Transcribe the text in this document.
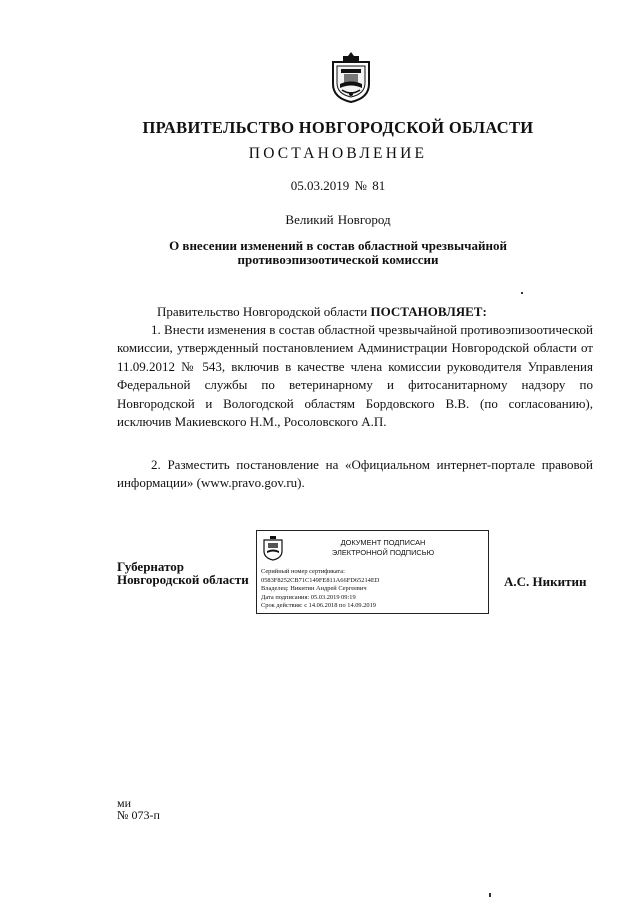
ПРАВИТЕЛЬСТВО НОВГОРОДСКОЙ ОБЛАСТИ
ПОСТАНОВЛЕНИЕ
05.03.2019 № 81
Великий Новгород
О внесении изменений в состав областной чрезвычайной
противоэпизоотической комиссии
Правительство Новгородской области ПОСТАНОВЛЯЕТ:
1. Внести изменения в состав областной чрезвычайной противоэпизоотической комиссии, утвержденный постановлением Администрации Новгородской области от 11.09.2012 № 543, включив в качестве члена комиссии руководителя Управления Федеральной службы по ветеринарному и фитосанитарному надзору по Новгородской и Вологодской областям Бордовского В.В. (по согласованию), исключив Макиевского Н.М., Росоловского А.П.
2. Разместить постановление на «Официальном интернет-портале правовой информации» (www.pravo.gov.ru).
Губернатор
Новгородской области
ДОКУМЕНТ ПОДПИСАН
ЭЛЕКТРОННОЙ ПОДПИСЬЮ
Серийный номер сертификата:
0583F8252CB71C149FE811A66FD65214ED
Владелец: Никитин Андрей Сергеевич
Дата подписания: 05.03.2019 09:19
Срок действия: с 14.06.2018 по 14.09.2019
А.С. Никитин
ми
№ 073-п
